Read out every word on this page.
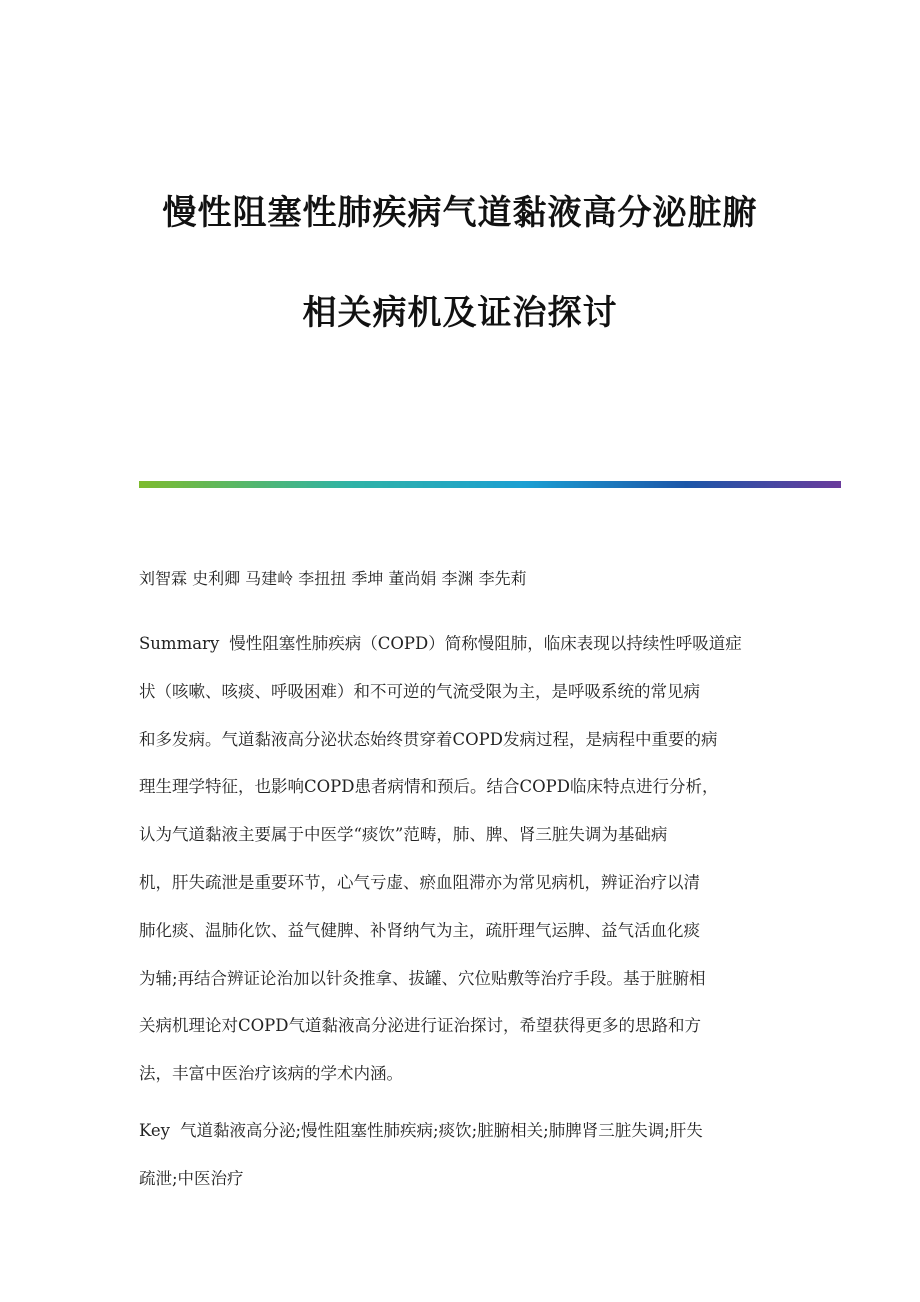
慢性阻塞性肺疾病气道黏液高分泌脏腑
相关病机及证治探讨
刘智霖 史利卿 马建岭 李扭扭 季坤 董尚娟 李渊 李先莉
Summary 慢性阻塞性肺疾病（COPD）简称慢阻肺，临床表现以持续性呼吸道症
状（咳嗽、咳痰、呼吸困难）和不可逆的气流受限为主，是呼吸系统的常见病
和多发病。气道黏液高分泌状态始终贯穿着COPD发病过程，是病程中重要的病
理生理学特征，也影响COPD患者病情和预后。结合COPD临床特点进行分析，
认为气道黏液主要属于中医学“痰饮”范畴，肺、脾、肾三脏失调为基础病
机，肝失疏泄是重要环节，心气亏虚、瘀血阻滞亦为常见病机，辨证治疗以清
肺化痰、温肺化饮、益气健脾、补肾纳气为主，疏肝理气运脾、益气活血化痰
为辅;再结合辨证论治加以针灸推拿、拔罐、穴位贴敷等治疗手段。基于脏腑相
关病机理论对COPD气道黏液高分泌进行证治探讨，希望获得更多的思路和方
法，丰富中医治疗该病的学术内涵。
Key 气道黏液高分泌;慢性阻塞性肺疾病;痰饮;脏腑相关;肺脾肾三脏失调;肝失
疏泄;中医治疗
